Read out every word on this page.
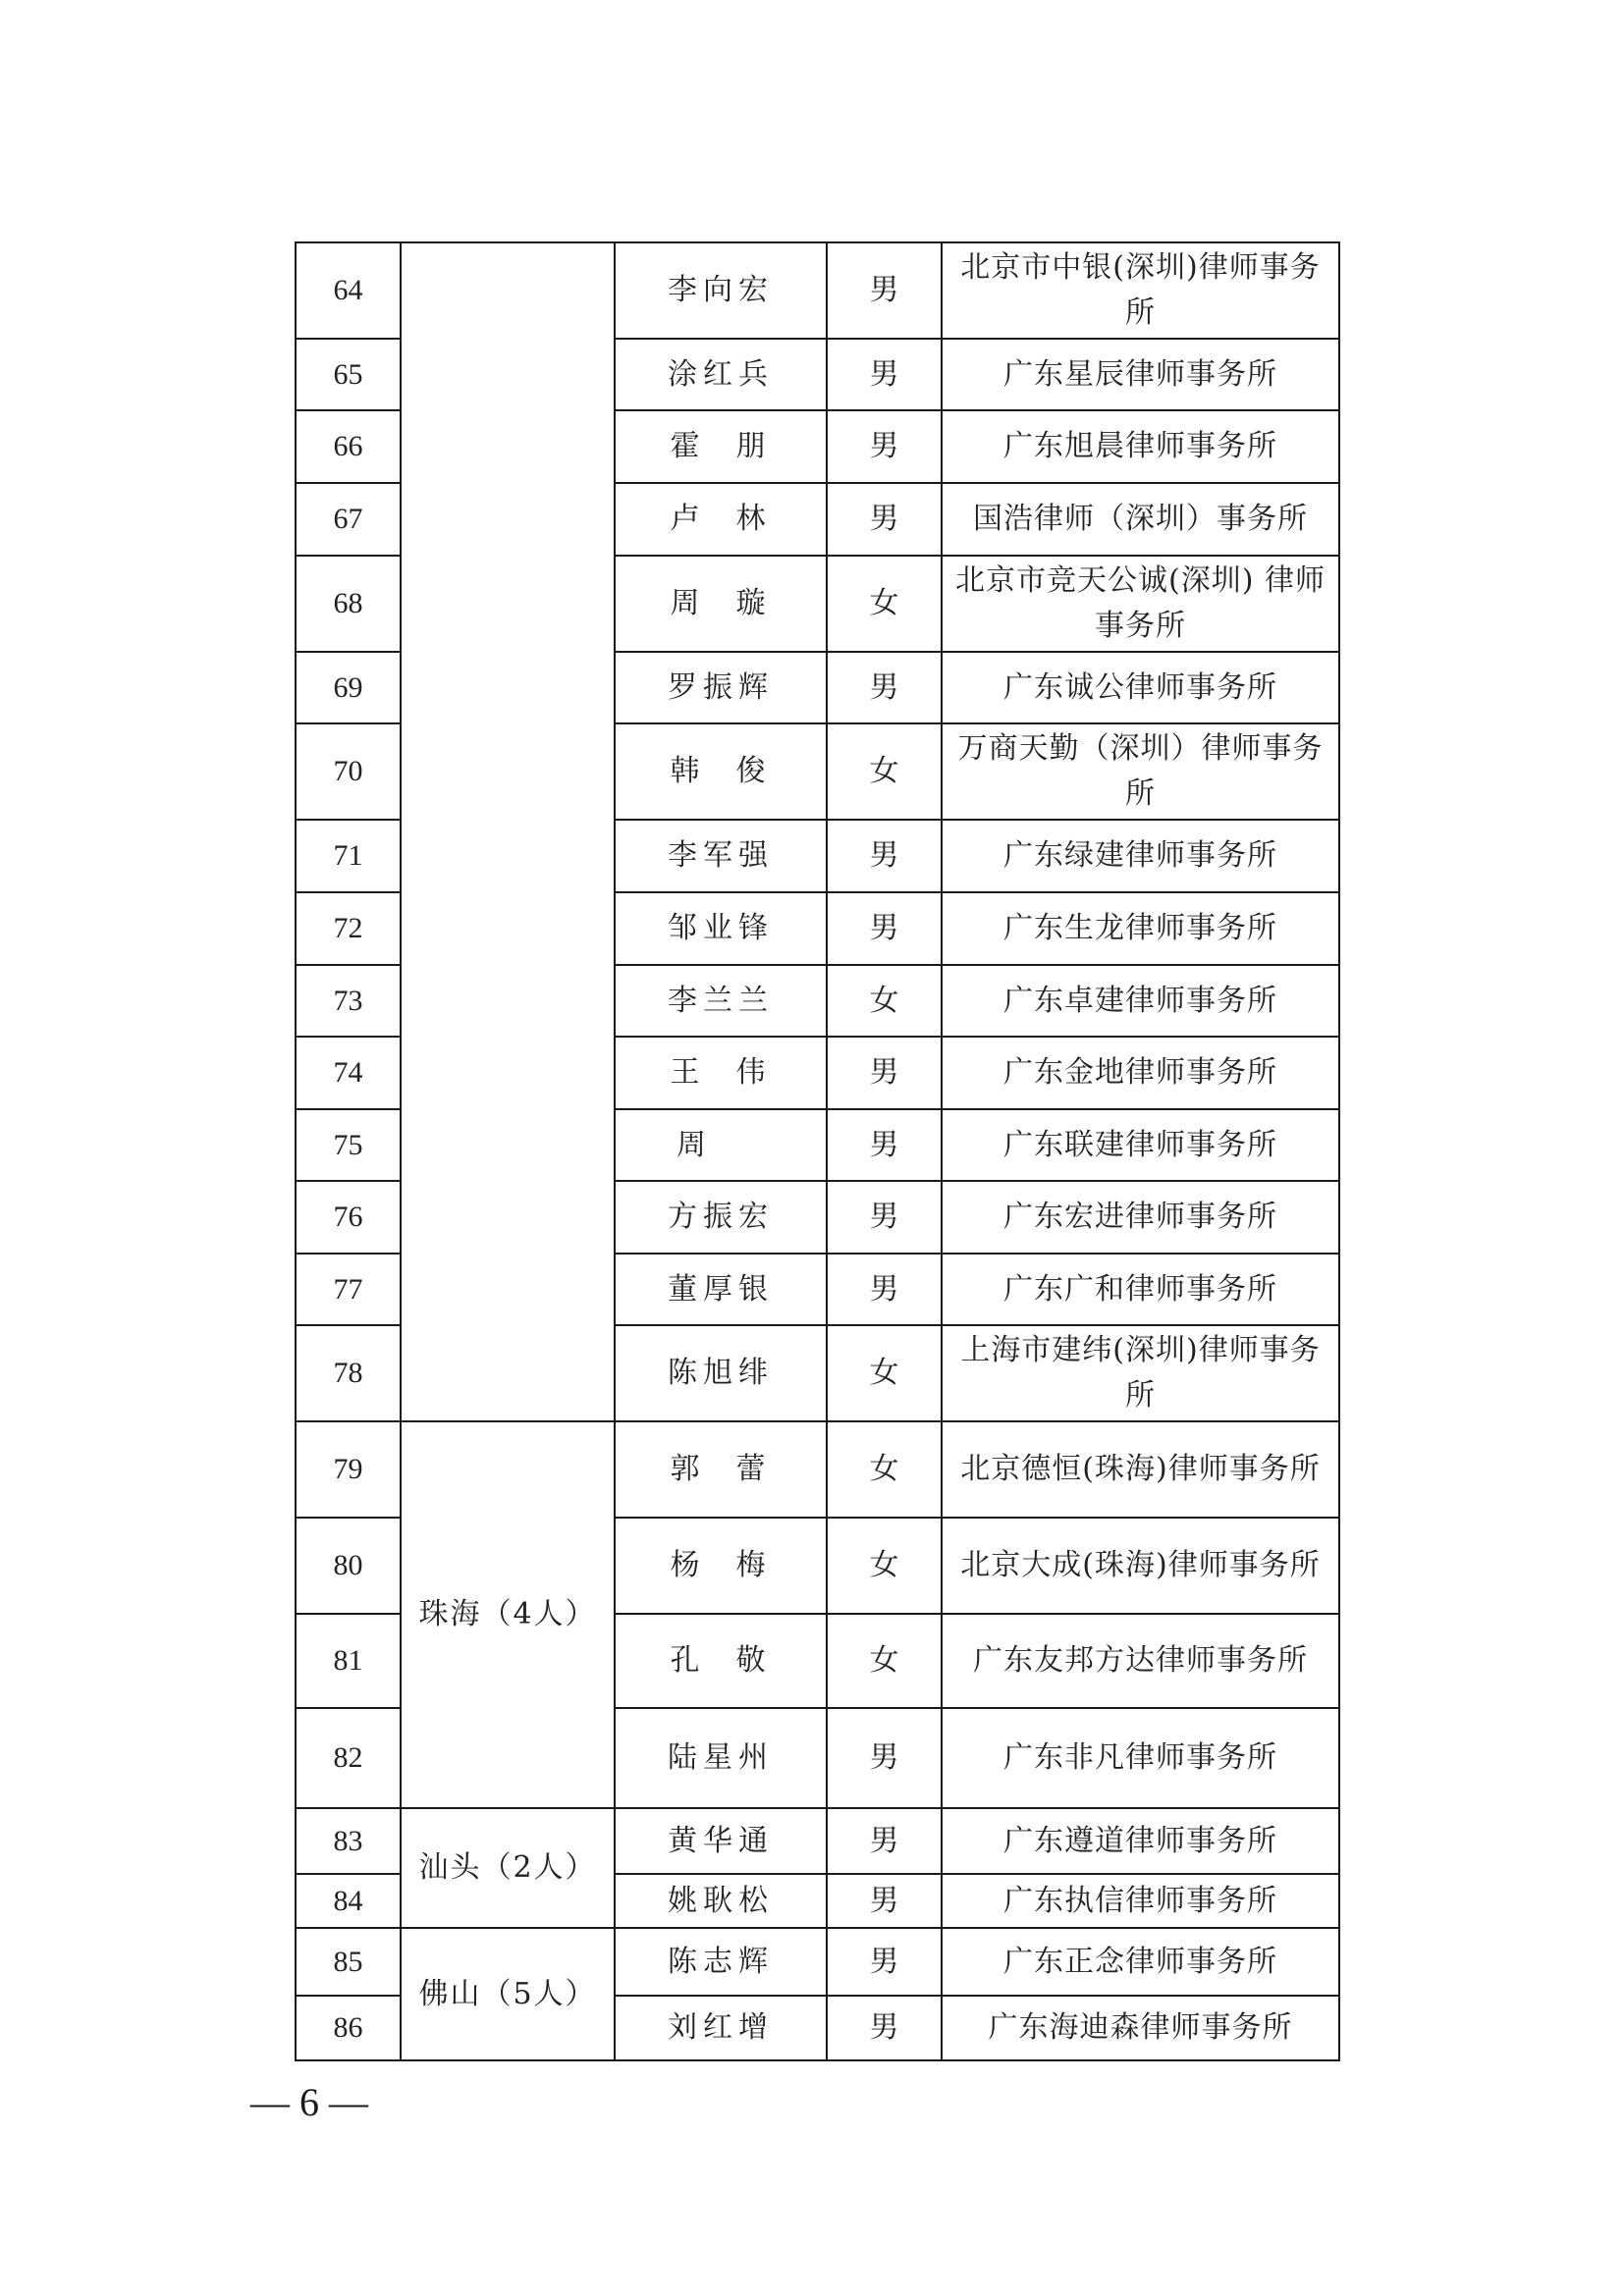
64		李向宏	男	北京市中银(深圳)律师事务所
65		涂红兵	男	广东星辰律师事务所
66		霍  朋	男	广东旭晨律师事务所
67		卢  林	男	国浩律师（深圳）事务所
68		周  璇	女	北京市竞天公诚(深圳) 律师事务所
69		罗振辉	男	广东诚公律师事务所
70		韩  俊	女	万商天勤（深圳）律师事务所
71		李军强	男	广东绿建律师事务所
72		邹业锋	男	广东生龙律师事务所
73		李兰兰	女	广东卓建律师事务所
74		王  伟	男	广东金地律师事务所
75		周	男	广东联建律师事务所
76		方振宏	男	广东宏进律师事务所
77		董厚银	男	广东广和律师事务所
78		陈旭绯	女	上海市建纬(深圳)律师事务所
79	珠海（4人）	郭  蕾	女	北京德恒(珠海)律师事务所
80		杨  梅	女	北京大成(珠海)律师事务所
81		孔  敬	女	广东友邦方达律师事务所
82		陆星州	男	广东非凡律师事务所
83	汕头（2人）	黄华通	男	广东遵道律师事务所
84		姚耿松	男	广东执信律师事务所
85	佛山（5人）	陈志辉	男	广东正念律师事务所
86		刘红增	男	广东海迪森律师事务所
— 6 —
